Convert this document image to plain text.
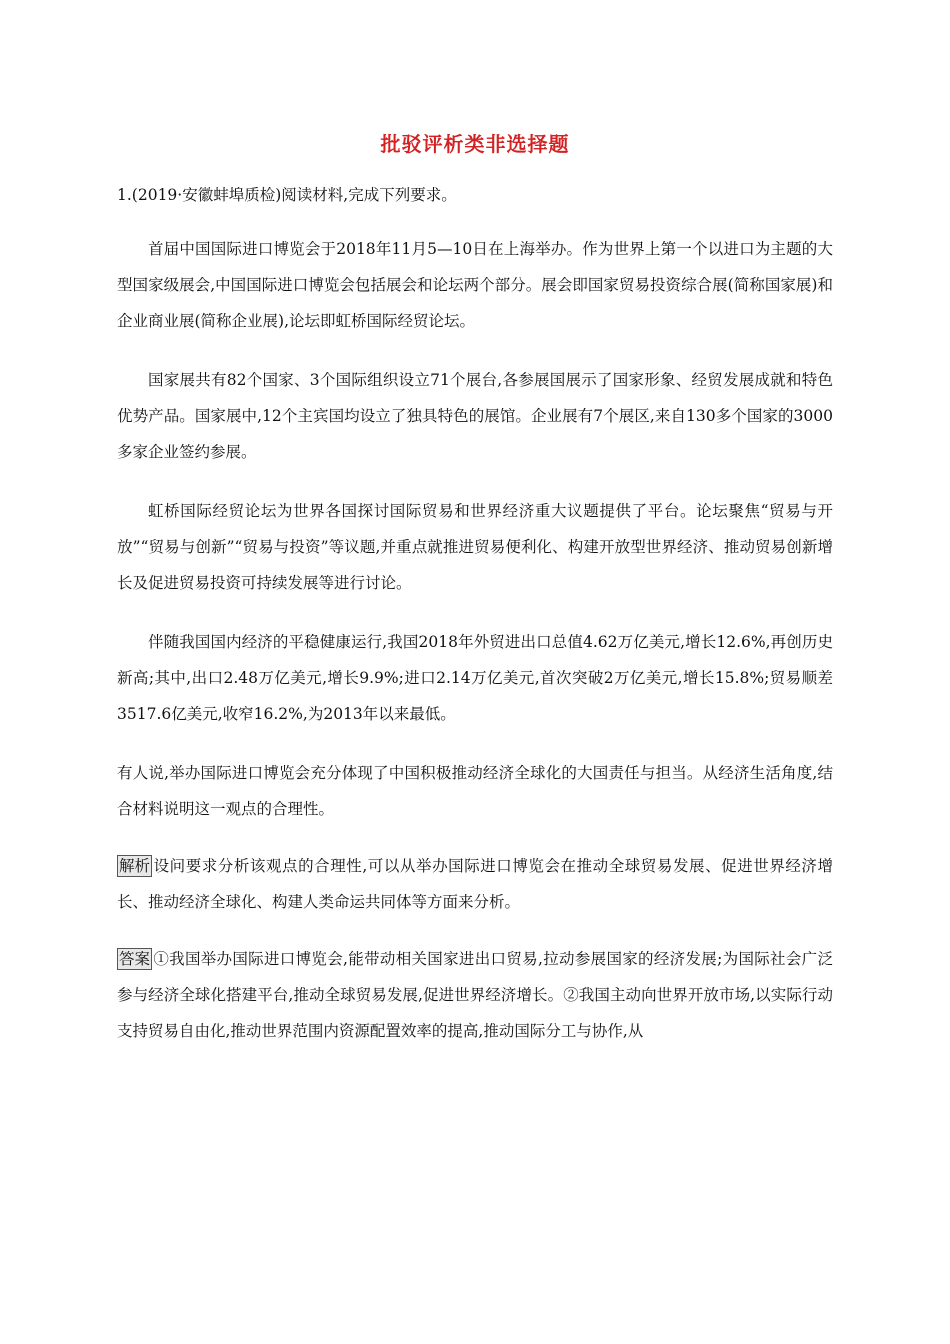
批驳评析类非选择题
1.(2019·安徽蚌埠质检)阅读材料,完成下列要求。

首届中国国际进口博览会于2018年11月5—10日在上海举办。作为世界上第一个以进口为主题的大型国家级展会,中国国际进口博览会包括展会和论坛两个部分。展会即国家贸易投资综合展(简称国家展)和企业商业展(简称企业展),论坛即虹桥国际经贸论坛。

国家展共有82个国家、3个国际组织设立71个展台,各参展国展示了国家形象、经贸发展成就和特色优势产品。国家展中,12个主宾国均设立了独具特色的展馆。企业展有7个展区,来自130多个国家的3000多家企业签约参展。

虹桥国际经贸论坛为世界各国探讨国际贸易和世界经济重大议题提供了平台。论坛聚焦“贸易与开放”“贸易与创新”“贸易与投资”等议题,并重点就推进贸易便利化、构建开放型世界经济、推动贸易创新增长及促进贸易投资可持续发展等进行讨论。

伴随我国国内经济的平稳健康运行,我国2018年外贸进出口总值4.62万亿美元,增长12.6%,再创历史新高;其中,出口2.48万亿美元,增长9.9%;进口2.14万亿美元,首次突破2万亿美元,增长15.8%;贸易顺差3517.6亿美元,收窄16.2%,为2013年以来最低。

有人说,举办国际进口博览会充分体现了中国积极推动经济全球化的大国责任与担当。从经济生活角度,结合材料说明这一观点的合理性。

解析 设问要求分析该观点的合理性,可以从举办国际进口博览会在推动全球贸易发展、促进世界经济增长、推动经济全球化、构建人类命运共同体等方面来分析。

答案 ①我国举办国际进口博览会,能带动相关国家进出口贸易,拉动参展国家的经济发展;为国际社会广泛参与经济全球化搭建平台,推动全球贸易发展,促进世界经济增长。②我国主动向世界开放市场,以实际行动支持贸易自由化,推动世界范围内资源配置效率的提高,推动国际分工与协作,从
